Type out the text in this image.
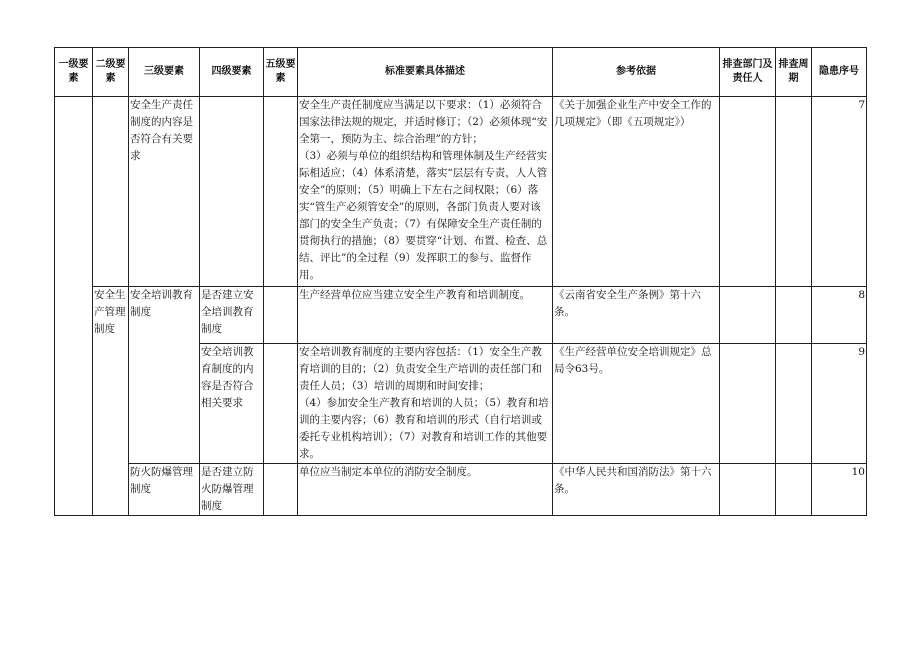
一级要素	二级要素	三级要素	四级要素	五级要素	标准要素具体描述	参考依据	排查部门及责任人	排查周期	隐患序号
		安全生产责任制度的内容是否符合有关要求			安全生产责任制度应当满足以下要求：（1）必须符合国家法律法规的规定，并适时修订；（2）必须体现“安全第一，预防为主、综合治理”的方针；
（3）必须与单位的组织结构和管理体制及生产经营实际相适应；（4）体系清楚，落实“层层有专责，人人管安全”的原则；（5）明确上下左右之间权限；（6）落实“管生产必须管安全”的原则，各部门负责人要对该部门的安全生产负责；（7）有保障安全生产责任制的贯彻执行的措施；（8）要贯穿“计划、布置、检查、总结、评比”的全过程（9）发挥职工的参与、监督作用。	《关于加强企业生产中安全工作的几项规定》（即《五项规定》）			7
	安全生产管理制度	安全培训教育制度	是否建立安全培训教育制度		生产经营单位应当建立安全生产教育和培训制度。	《云南省安全生产条例》第十六条。			8
			安全培训教育制度的内容是否符合相关要求		安全培训教育制度的主要内容包括：（1）安全生产教育培训的目的；（2）负责安全生产培训的责任部门和责任人员；（3）培训的周期和时间安排；
（4）参加安全生产教育和培训的人员；（5）教育和培训的主要内容；（6）教育和培训的形式（自行培训或委托专业机构培训）；（7）对教育和培训工作的其他要求。	《生产经营单位安全培训规定》总局令63号。			9
		防火防爆管理制度	是否建立防火防爆管理制度		单位应当制定本单位的消防安全制度。	《中华人民共和国消防法》第十六条。			10
